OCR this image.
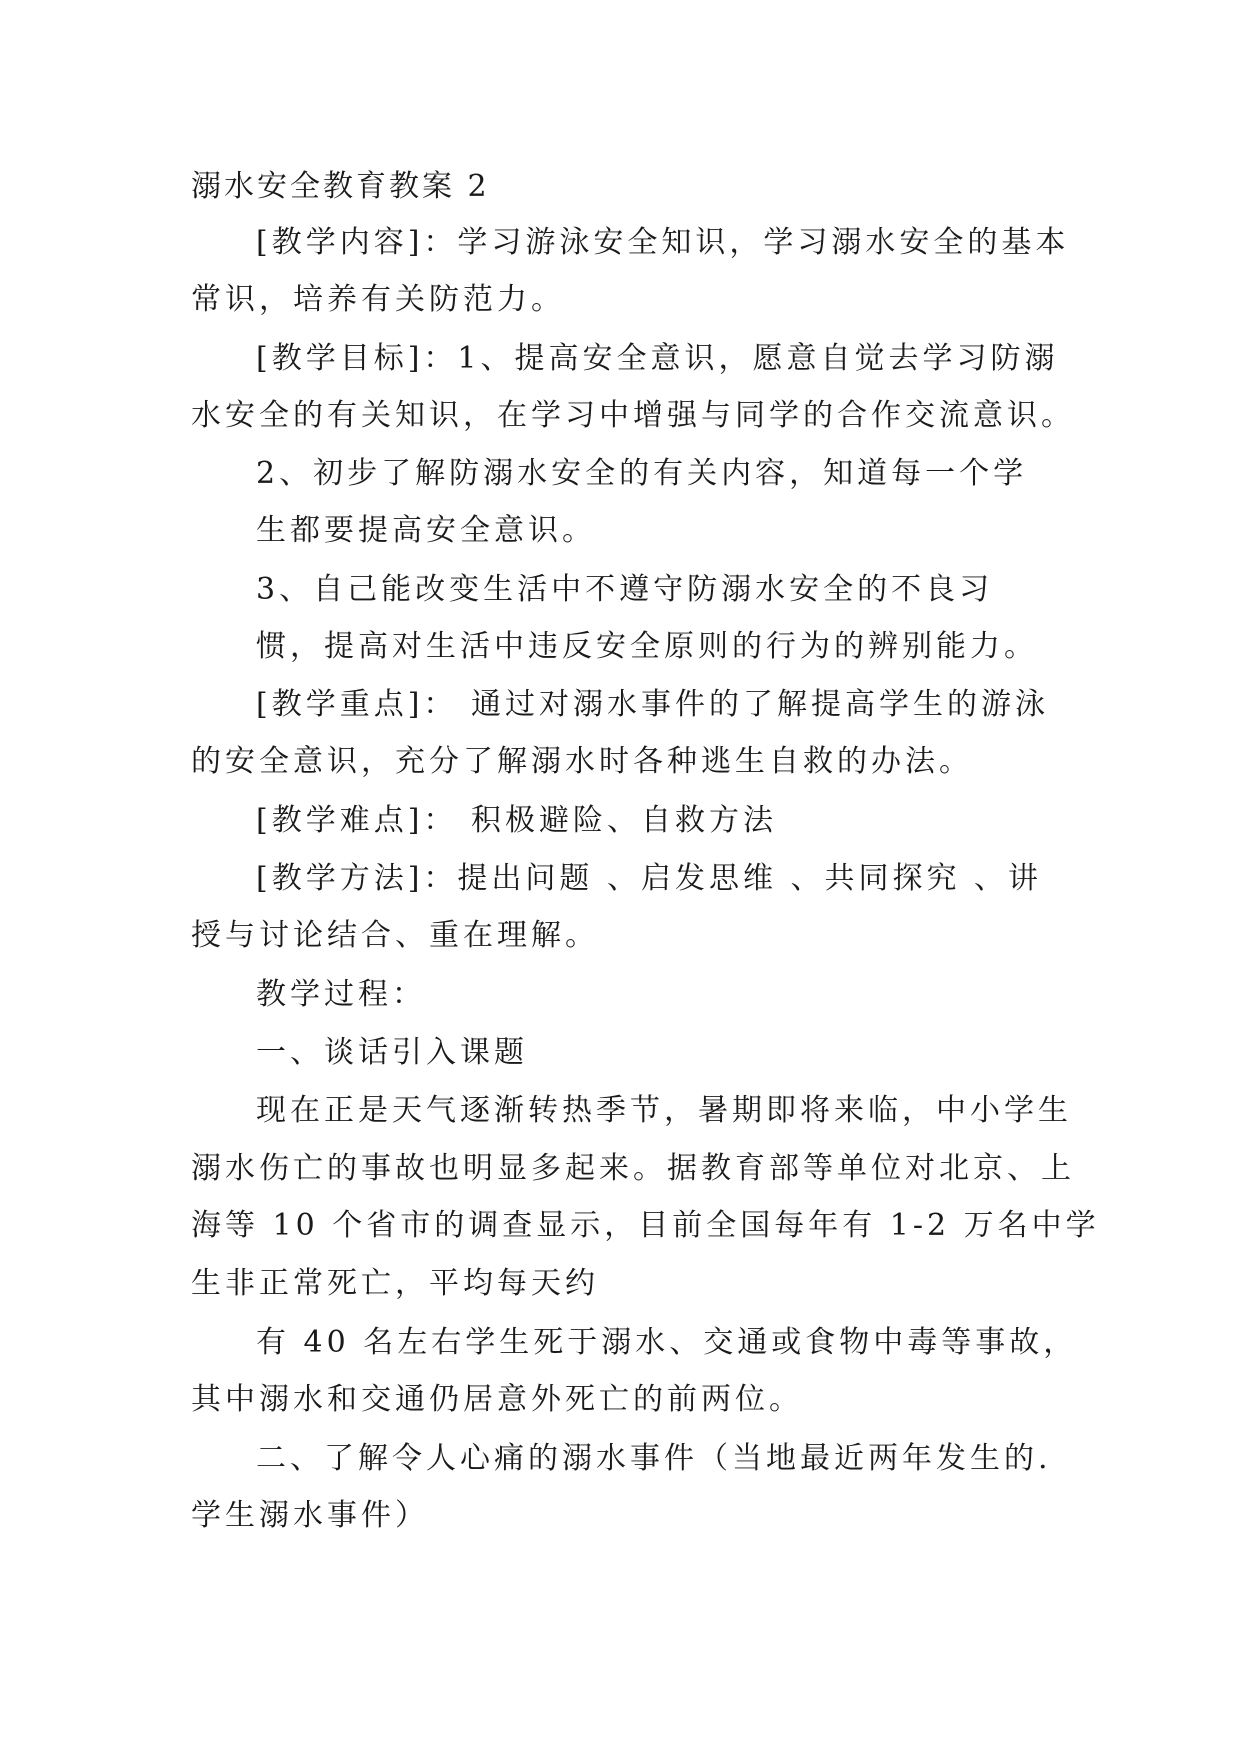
溺水安全教育教案 2
[教学内容]：学习游泳安全知识，学习溺水安全的基本
常识，培养有关防范力。
[教学目标]：1、提高安全意识，愿意自觉去学习防溺
水安全的有关知识，在学习中增强与同学的合作交流意识。
2、初步了解防溺水安全的有关内容，知道每一个学
生都要提高安全意识。
3、自己能改变生活中不遵守防溺水安全的不良习
惯，提高对生活中违反安全原则的行为的辨别能力。
[教学重点]： 通过对溺水事件的了解提高学生的游泳
的安全意识，充分了解溺水时各种逃生自救的办法。
[教学难点]： 积极避险、自救方法
[教学方法]：提出问题 、启发思维 、共同探究 、讲
授与讨论结合、重在理解。
教学过程：
一、谈话引入课题
现在正是天气逐渐转热季节，暑期即将来临，中小学生
溺水伤亡的事故也明显多起来。据教育部等单位对北京、上
海等 10 个省市的调查显示，目前全国每年有 1-2 万名中学
生非正常死亡，平均每天约
有 40 名左右学生死于溺水、交通或食物中毒等事故，
其中溺水和交通仍居意外死亡的前两位。
二、了解令人心痛的溺水事件（当地最近两年发生的.
学生溺水事件）
